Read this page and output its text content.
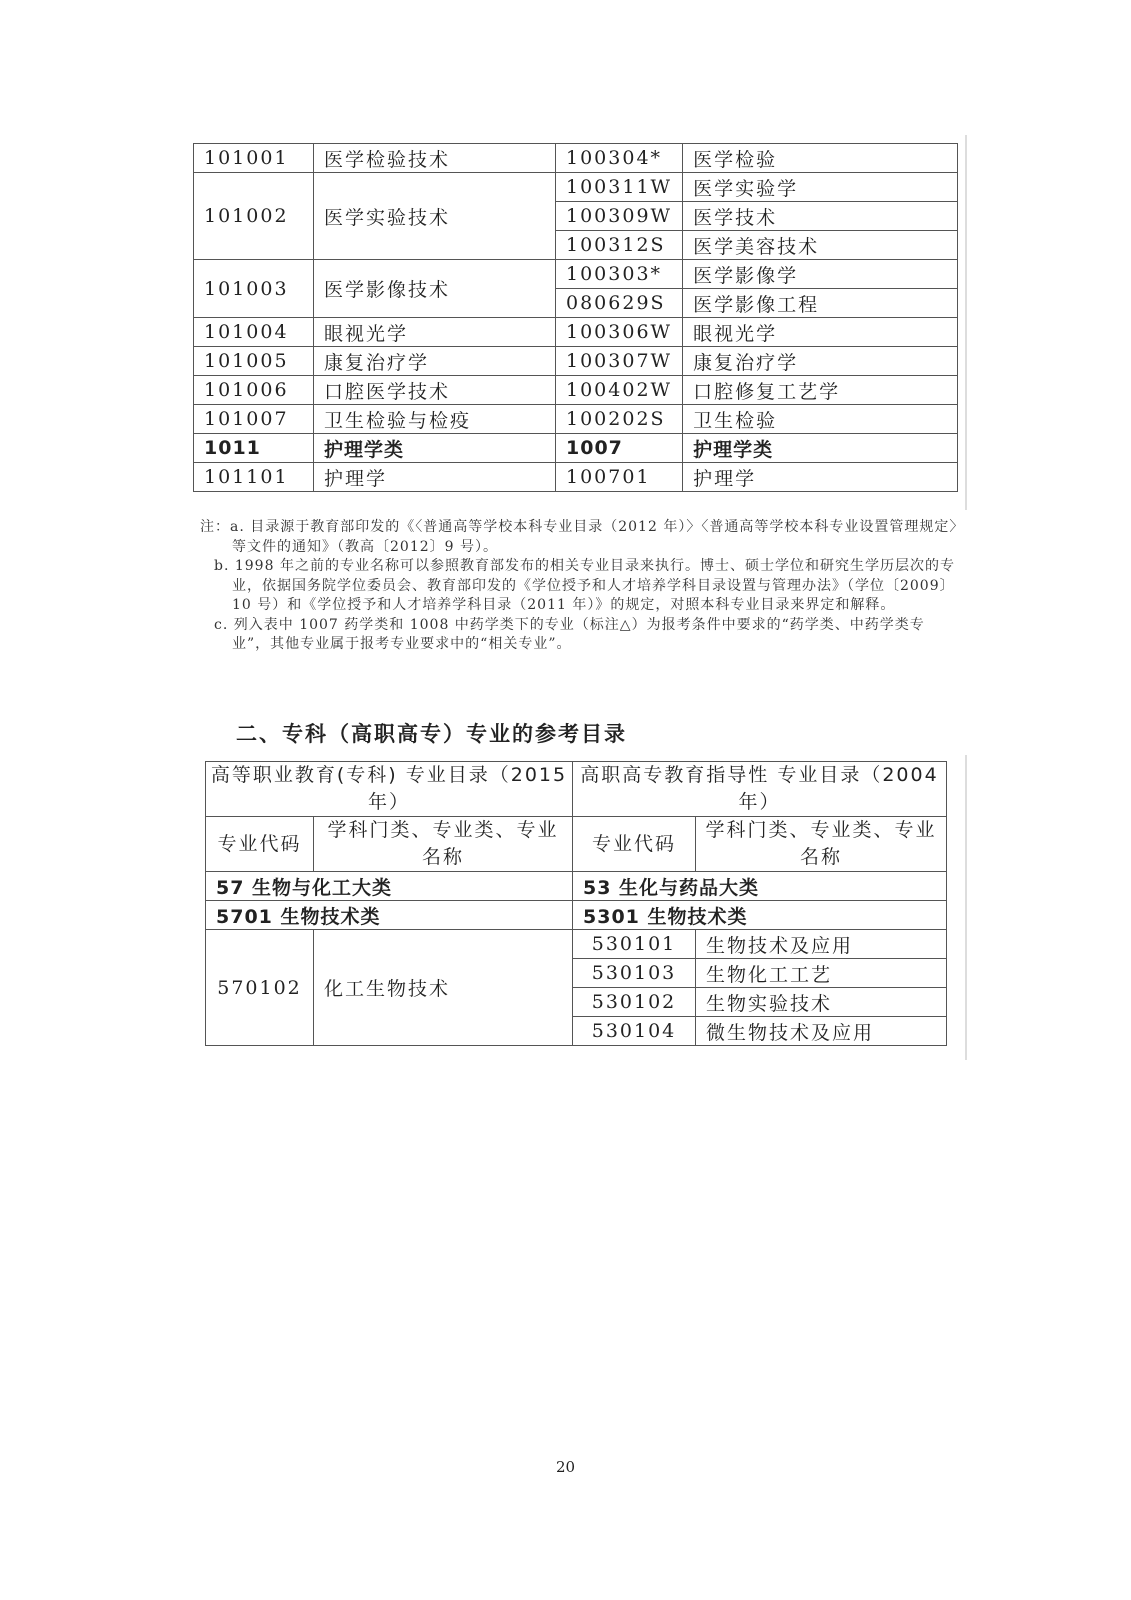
101001	医学检验技术	100304*	医学检验
101002	医学实验技术	100311W	医学实验学
		100309W	医学技术
		100312S	医学美容技术
101003	医学影像技术	100303*	医学影像学
		080629S	医学影像工程
101004	眼视光学	100306W	眼视光学
101005	康复治疗学	100307W	康复治疗学
101006	口腔医学技术	100402W	口腔修复工艺学
101007	卫生检验与检疫	100202S	卫生检验
1011	护理学类	1007	护理学类
101101	护理学	100701	护理学

注：a. 目录源于教育部印发的《〈普通高等学校本科专业目录（2012 年）〉〈普通高等学校本科专业设置管理规定〉等文件的通知》（教高〔2012〕9 号）。

b. 1998 年之前的专业名称可以参照教育部发布的相关专业目录来执行。博士、硕士学位和研究生学历层次的专业，依据国务院学位委员会、教育部印发的《学位授予和人才培养学科目录设置与管理办法》（学位〔2009〕10 号）和《学位授予和人才培养学科目录（2011 年）》的规定，对照本科专业目录来界定和解释。

c. 列入表中 1007 药学类和 1008 中药学类下的专业（标注△）为报考条件中要求的“药学类、中药学类专业”，其他专业属于报考专业要求中的“相关专业”。

二、专科（高职高专）专业的参考目录
高等职业教育(专科) 专业目录（2015 年）		高职高专教育指导性 专业目录（2004 年）	
专业代码	学科门类、专业类、专业名称	专业代码	学科门类、专业类、专业名称
57 生物与化工大类		53 生化与药品大类	
5701 生物技术类		5301 生物技术类	
570102	化工生物技术	530101	生物技术及应用
		530103	生物化工工艺
		530102	生物实验技术
		530104	微生物技术及应用
20
